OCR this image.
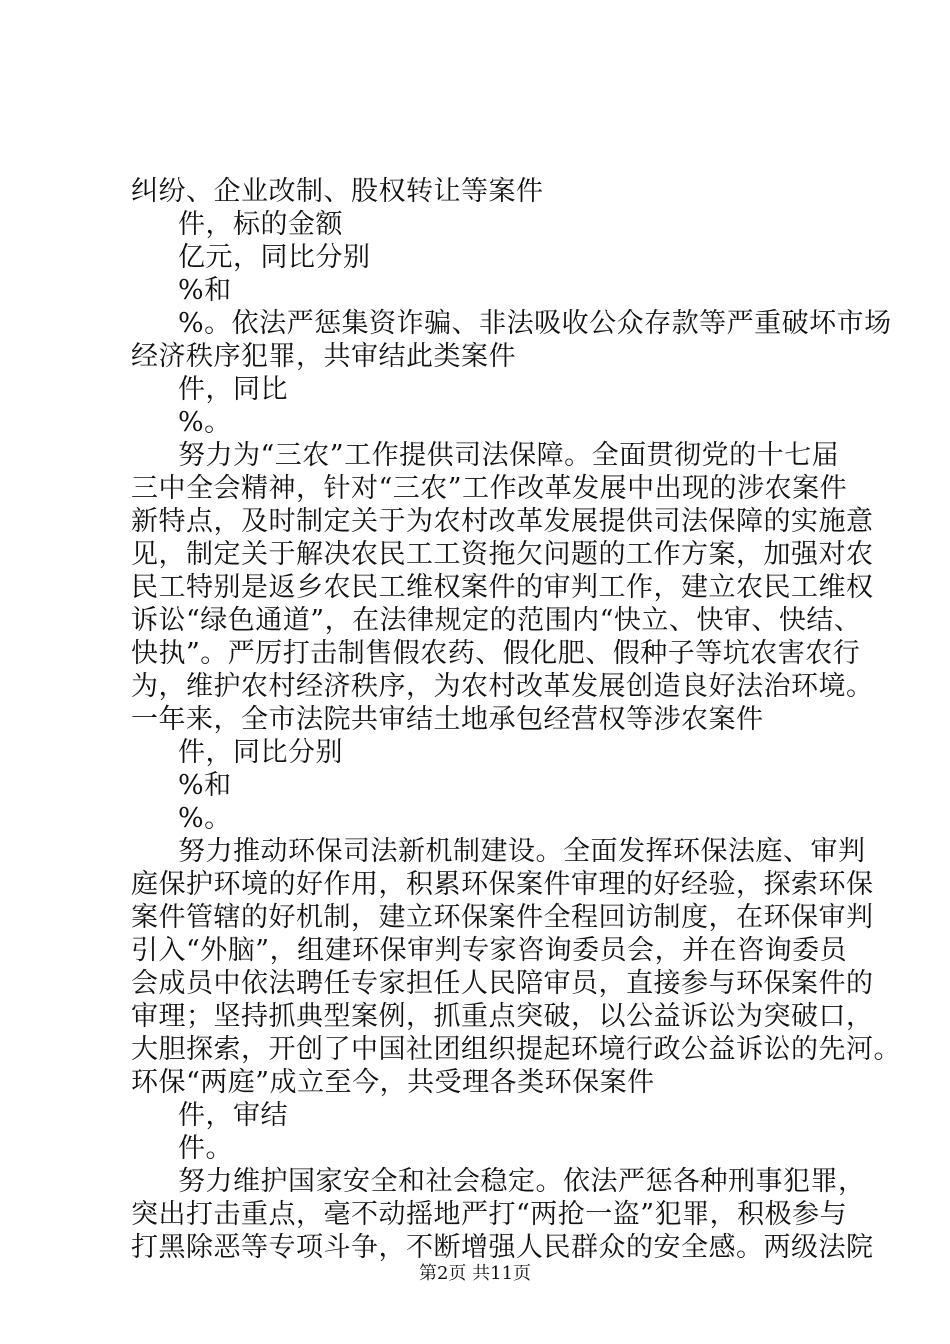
纠纷、企业改制、股权转让等案件
件，标的金额
亿元，同比分别
%和
%。依法严惩集资诈骗、非法吸收公众存款等严重破坏市场
经济秩序犯罪，共审结此类案件
件，同比
%。
努力为“三农”工作提供司法保障。全面贯彻党的十七届
三中全会精神，针对“三农”工作改革发展中出现的涉农案件
新特点，及时制定关于为农村改革发展提供司法保障的实施意
见，制定关于解决农民工工资拖欠问题的工作方案，加强对农
民工特别是返乡农民工维权案件的审判工作，建立农民工维权
诉讼“绿色通道”，在法律规定的范围内“快立、快审、快结、
快执”。严厉打击制售假农药、假化肥、假种子等坑农害农行
为，维护农村经济秩序，为农村改革发展创造良好法治环境。
一年来，全市法院共审结土地承包经营权等涉农案件
件，同比分别
%和
%。
努力推动环保司法新机制建设。全面发挥环保法庭、审判
庭保护环境的好作用，积累环保案件审理的好经验，探索环保
案件管辖的好机制，建立环保案件全程回访制度，在环保审判
引入“外脑”，组建环保审判专家咨询委员会，并在咨询委员
会成员中依法聘任专家担任人民陪审员，直接参与环保案件的
审理；坚持抓典型案例，抓重点突破，以公益诉讼为突破口，
大胆探索，开创了中国社团组织提起环境行政公益诉讼的先河。
环保“两庭”成立至今，共受理各类环保案件
件，审结
件。
努力维护国家安全和社会稳定。依法严惩各种刑事犯罪，
突出打击重点，毫不动摇地严打“两抢一盗”犯罪，积极参与
打黑除恶等专项斗争，不断增强人民群众的安全感。两级法院
第2页 共11页
